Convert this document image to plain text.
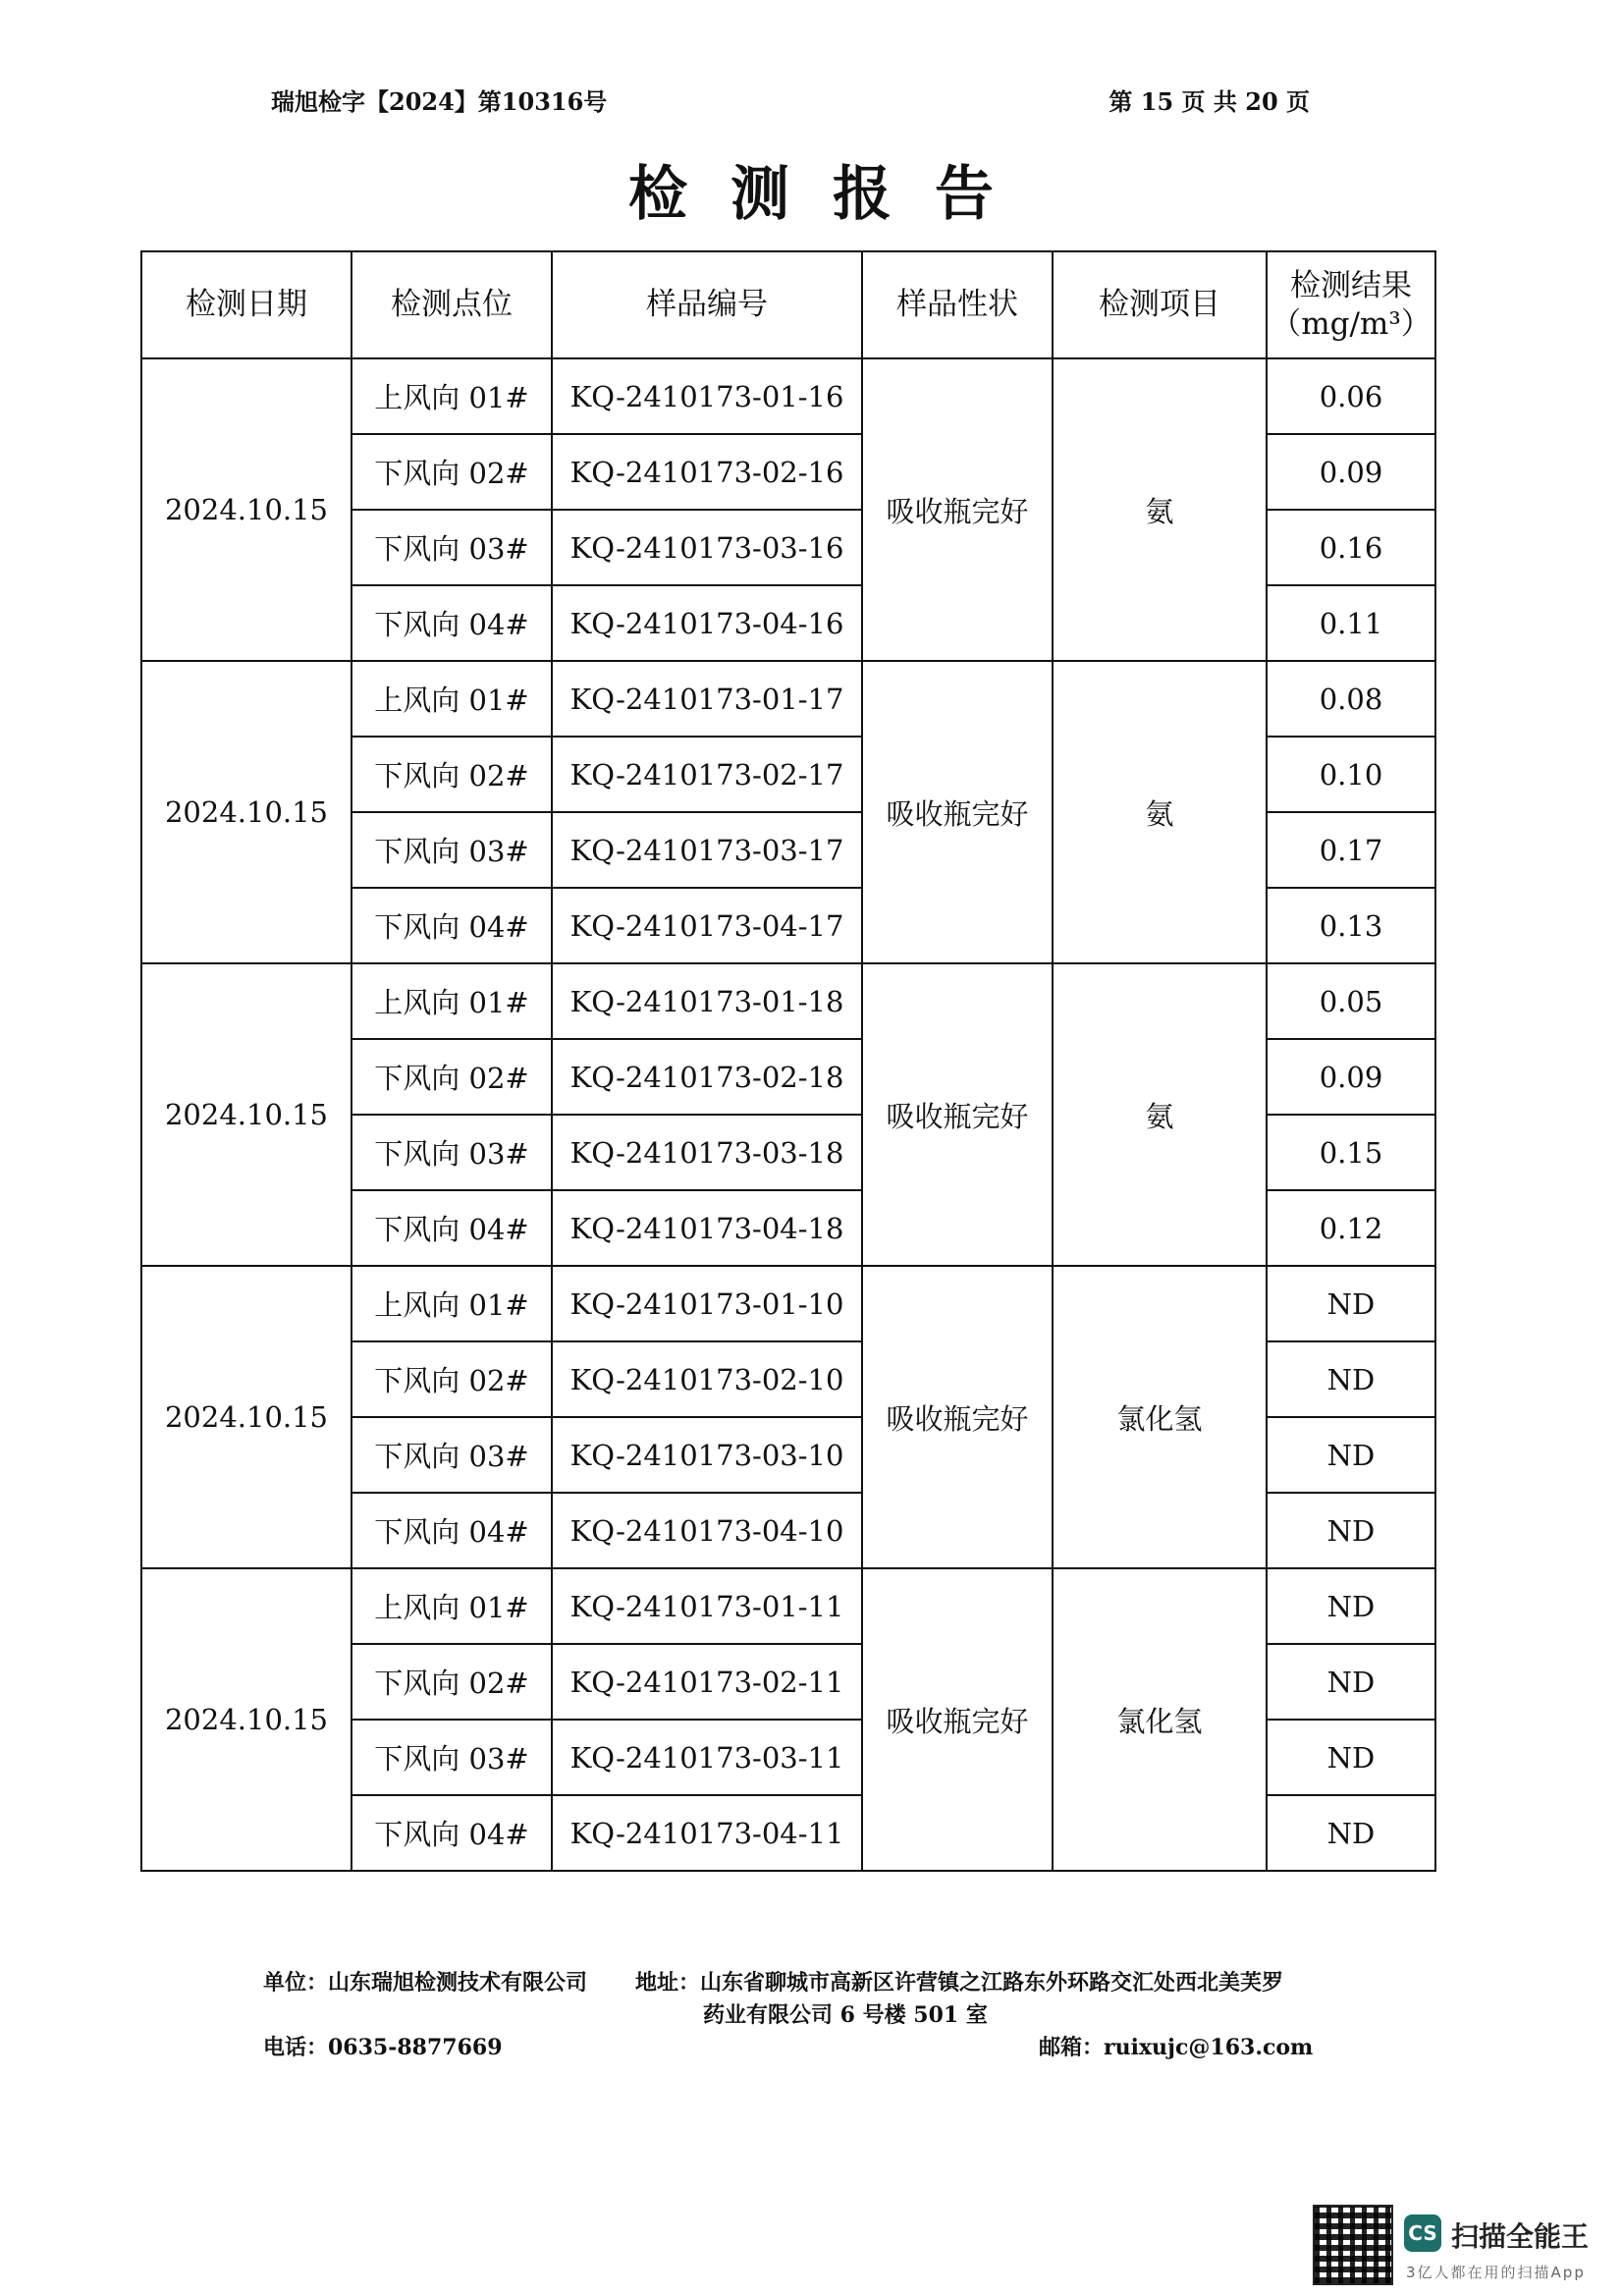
瑞旭检字【2024】第10316号	第 15 页 共 20 页
检测报告
检测日期	检测点位	样品编号	样品性状	检测项目	检测结果（mg/m³）
2024.10.15	上风向 01#	KQ-2410173-01-16	吸收瓶完好	氨	0.06
	下风向 02#	KQ-2410173-02-16			0.09
	下风向 03#	KQ-2410173-03-16			0.16
	下风向 04#	KQ-2410173-04-16			0.11
2024.10.15	上风向 01#	KQ-2410173-01-17	吸收瓶完好	氨	0.08
	下风向 02#	KQ-2410173-02-17			0.10
	下风向 03#	KQ-2410173-03-17			0.17
	下风向 04#	KQ-2410173-04-17			0.13
2024.10.15	上风向 01#	KQ-2410173-01-18	吸收瓶完好	氨	0.05
	下风向 02#	KQ-2410173-02-18			0.09
	下风向 03#	KQ-2410173-03-18			0.15
	下风向 04#	KQ-2410173-04-18			0.12
2024.10.15	上风向 01#	KQ-2410173-01-10	吸收瓶完好	氯化氢	ND
	下风向 02#	KQ-2410173-02-10			ND
	下风向 03#	KQ-2410173-03-10			ND
	下风向 04#	KQ-2410173-04-10			ND
2024.10.15	上风向 01#	KQ-2410173-01-11	吸收瓶完好	氯化氢	ND
	下风向 02#	KQ-2410173-02-11			ND
	下风向 03#	KQ-2410173-03-11			ND
	下风向 04#	KQ-2410173-04-11			ND
单位：山东瑞旭检测技术有限公司 地址：山东省聊城市高新区许营镇之江路东外环路交汇处西北美芙罗
药业有限公司 6 号楼 501 室
电话：0635-8877669	邮箱：ruixujc@163.com
CS 扫描全能王
3亿人都在用的扫描App
